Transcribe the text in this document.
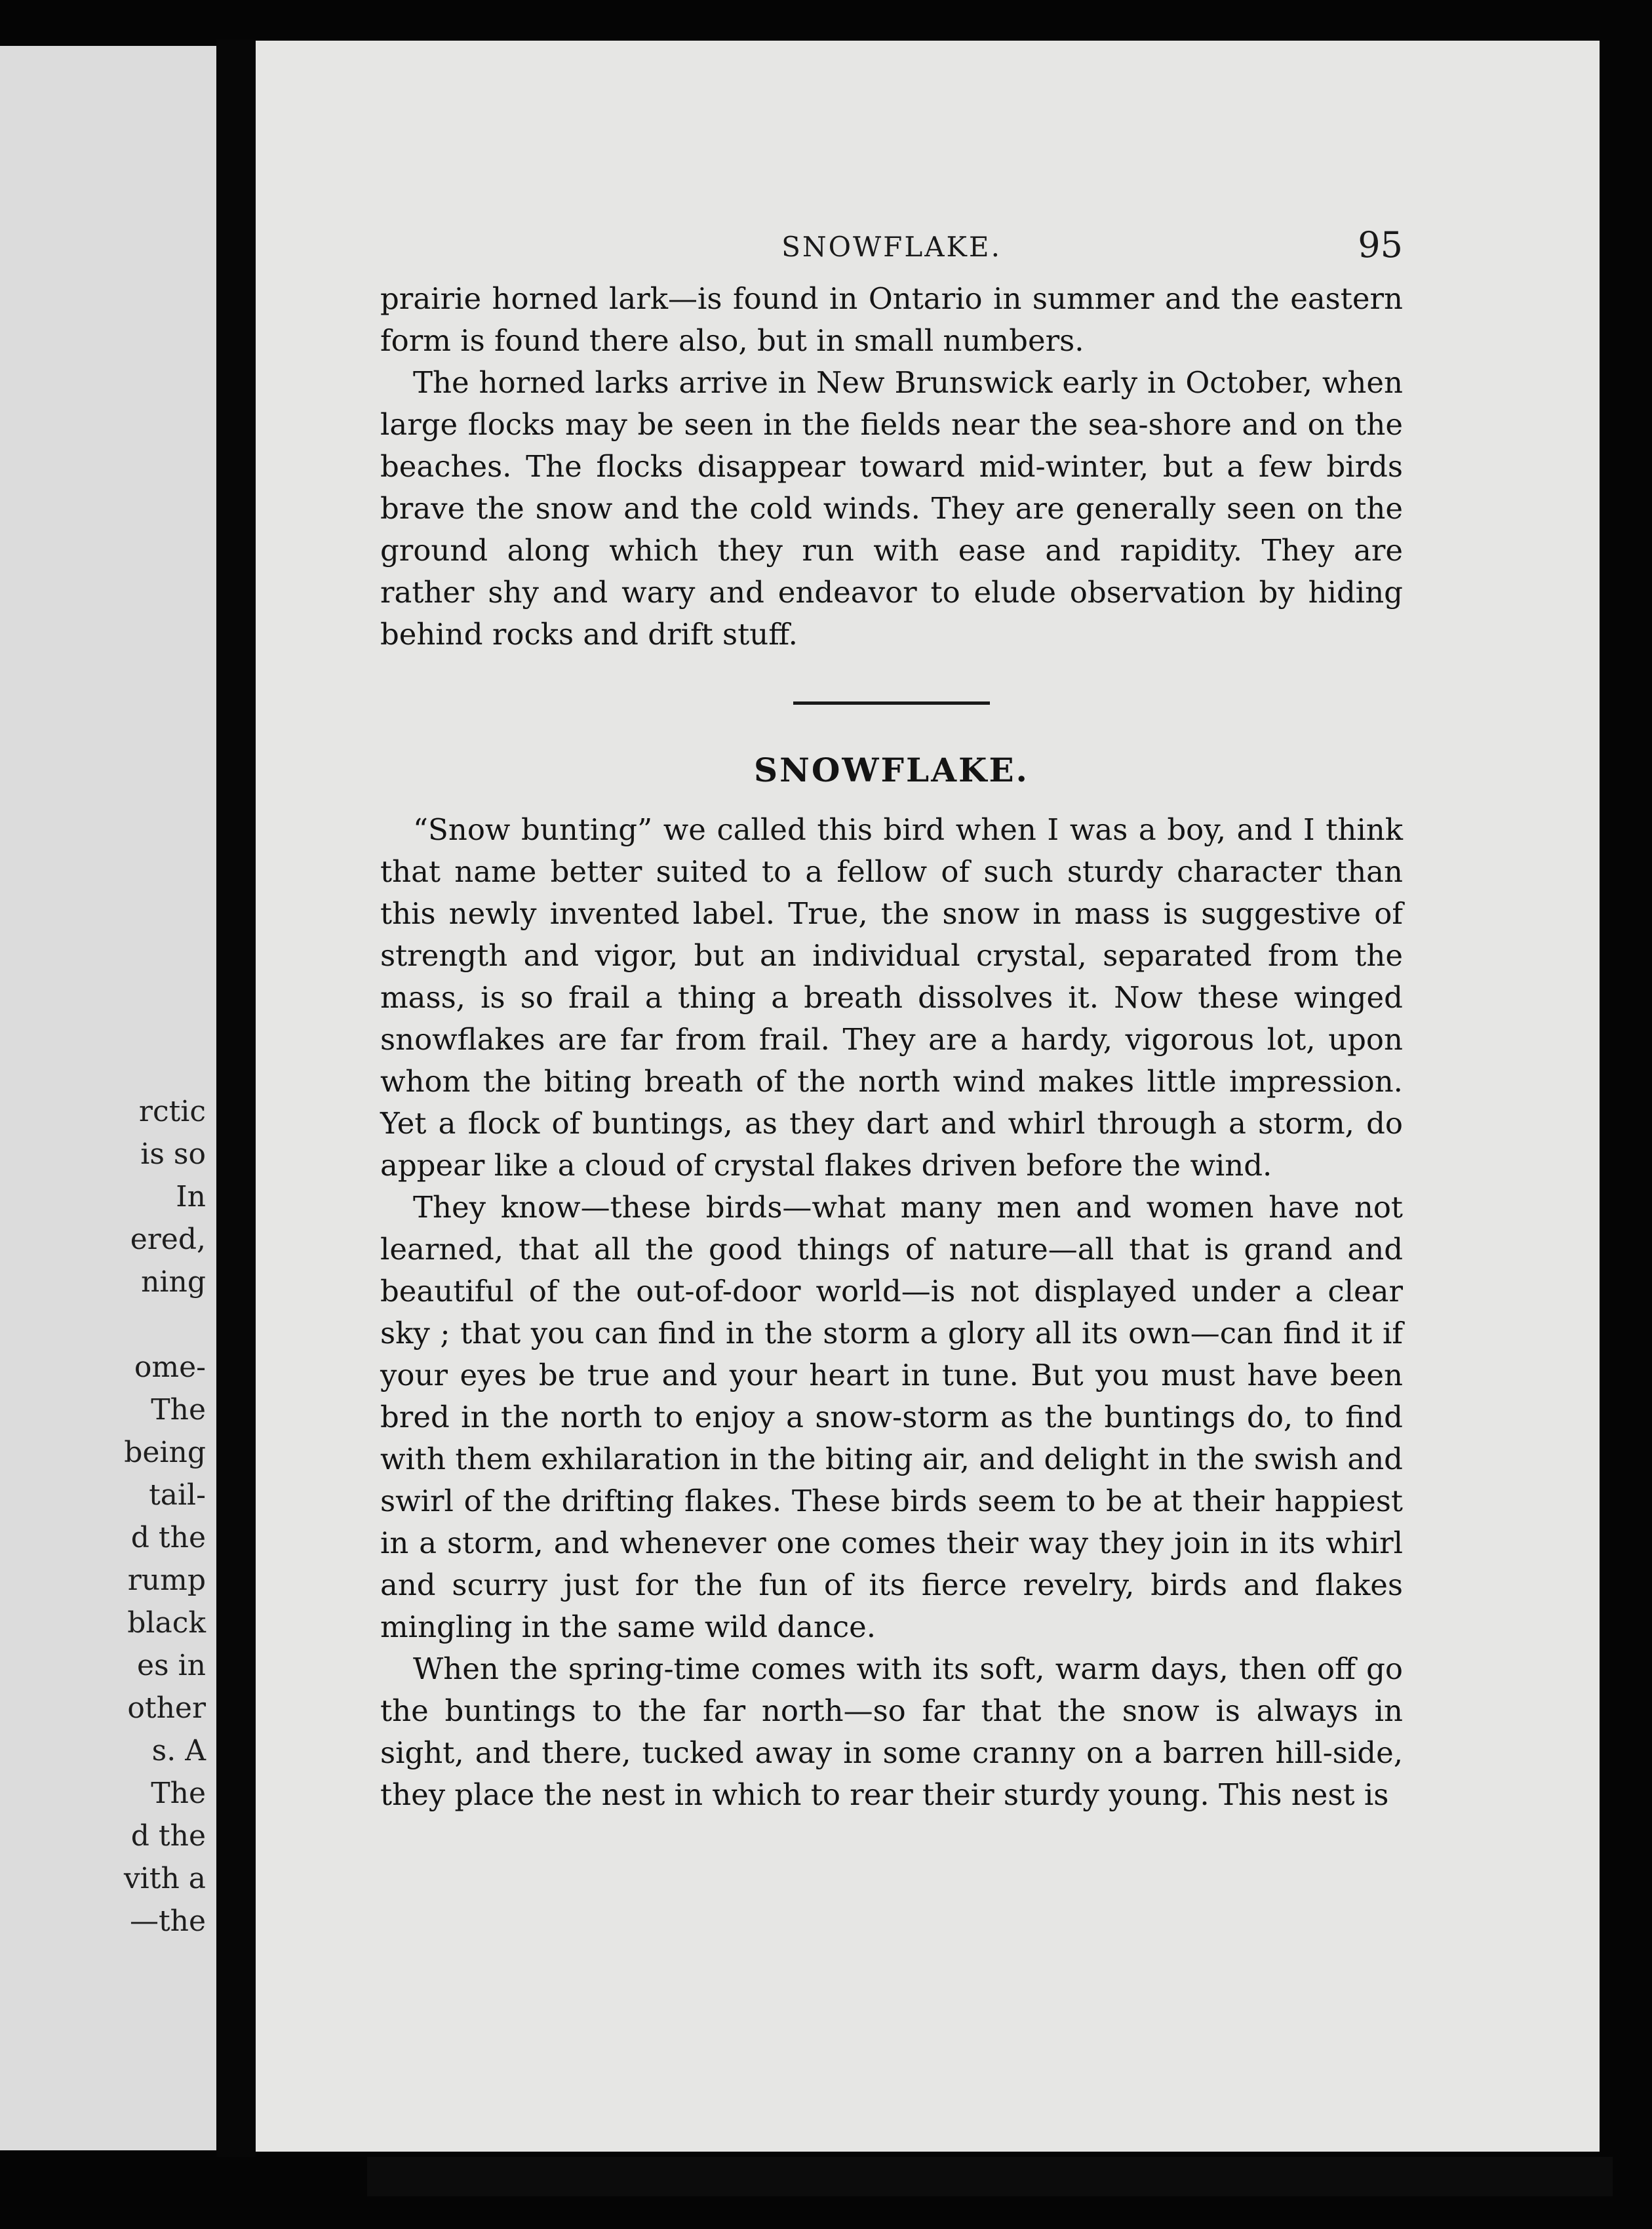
rctic
is so
In
ered,
ning
ome-
The
being
tail-
d the
rump
black
es in
other
s. A
The
d the
vith a
—the
SNOWFLAKE.	95

prairie horned lark—is found in Ontario in summer and the eastern form is found there also, but in small numbers.

The horned larks arrive in New Brunswick early in October, when large flocks may be seen in the fields near the sea-shore and on the beaches. The flocks disappear toward mid-winter, but a few birds brave the snow and the cold winds. They are generally seen on the ground along which they run with ease and rapidity. They are rather shy and wary and endeavor to elude observation by hiding behind rocks and drift stuff.

SNOWFLAKE.

“Snow bunting” we called this bird when I was a boy, and I think that name better suited to a fellow of such sturdy character than this newly invented label. True, the snow in mass is suggestive of strength and vigor, but an individual crystal, separated from the mass, is so frail a thing a breath dissolves it. Now these winged snowflakes are far from frail. They are a hardy, vigorous lot, upon whom the biting breath of the north wind makes little impression. Yet a flock of buntings, as they dart and whirl through a storm, do appear like a cloud of crystal flakes driven before the wind.

They know—these birds—what many men and women have not learned, that all the good things of nature—all that is grand and beautiful of the out-of-door world—is not displayed under a clear sky ; that you can find in the storm a glory all its own—can find it if your eyes be true and your heart in tune. But you must have been bred in the north to enjoy a snow-storm as the buntings do, to find with them exhilaration in the biting air, and delight in the swish and swirl of the drifting flakes. These birds seem to be at their happiest in a storm, and whenever one comes their way they join in its whirl and scurry just for the fun of its fierce revelry, birds and flakes mingling in the same wild dance.

When the spring-time comes with its soft, warm days, then off go the buntings to the far north—so far that the snow is always in sight, and there, tucked away in some cranny on a barren hill-side, they place the nest in which to rear their sturdy young. This nest is
